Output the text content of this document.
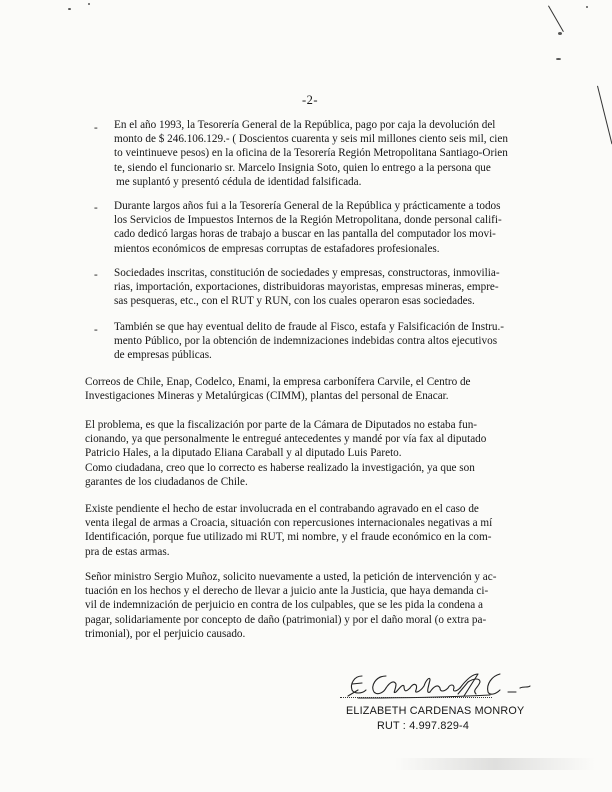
-2-
- En el año 1993, la Tesorería General de la República, pago por caja la devolución del
monto de $ 246.106.129.- ( Doscientos cuarenta y seis mil millones ciento seis mil, cien
to veintinueve pesos) en la oficina de la Tesorería Región Metropolitana Santiago-Orien
te, siendo el funcionario sr. Marcelo Insignia Soto, quien lo entrego a la persona que
me suplantó y presentó cédula de identidad falsificada.
- Durante largos años fui a la Tesorería General de la República y prácticamente a todos
los Servicios de Impuestos Internos de la Región Metropolitana, donde personal califi-
cado dedicó largas horas de trabajo a buscar en las pantalla del computador los movi-
mientos económicos de empresas corruptas de estafadores profesionales.
- Sociedades inscritas, constitución de sociedades y empresas, constructoras, inmovilia-
rias, importación, exportaciones, distribuidoras mayoristas, empresas mineras, empre-
sas pesqueras, etc., con el RUT y RUN, con los cuales operaron esas sociedades.
- También se que hay eventual delito de fraude al Fisco, estafa y Falsificación de Instru.-
mento Público, por la obtención de indemnizaciones indebidas contra altos ejecutivos
de empresas públicas.
Correos de Chile, Enap, Codelco, Enami, la empresa carbonífera Carvile, el Centro de
Investigaciones Mineras y Metalúrgicas (CIMM), plantas del personal de Enacar.
El problema, es que la fiscalización por parte de la Cámara de Diputados no estaba fun-
cionando, ya que personalmente le entregué antecedentes y mandé por vía fax al diputado
Patricio Hales, a la diputado Eliana Caraball y al diputado Luis Pareto.
Como ciudadana, creo que lo correcto es haberse realizado la investigación, ya que son
garantes de los ciudadanos de Chile.
Existe pendiente el hecho de estar involucrada en el contrabando agravado en el caso de
venta ilegal de armas a Croacia, situación con repercusiones internacionales negativas a mí
Identificación, porque fue utilizado mi RUT, mi nombre, y el fraude económico en la com-
pra de estas armas.
Señor ministro Sergio Muñoz, solicito nuevamente a usted, la petición de intervención y ac-
tuación en los hechos y el derecho de llevar a juicio ante la Justicia, que haya demanda ci-
vil de indemnización de perjuicio en contra de los culpables, que se les pida la condena a
pagar, solidariamente por concepto de daño (patrimonial) y por el daño moral (o extra pa-
trimonial), por el perjuicio causado.
ELIZABETH CARDENAS MONROY
RUT : 4.997.829-4
